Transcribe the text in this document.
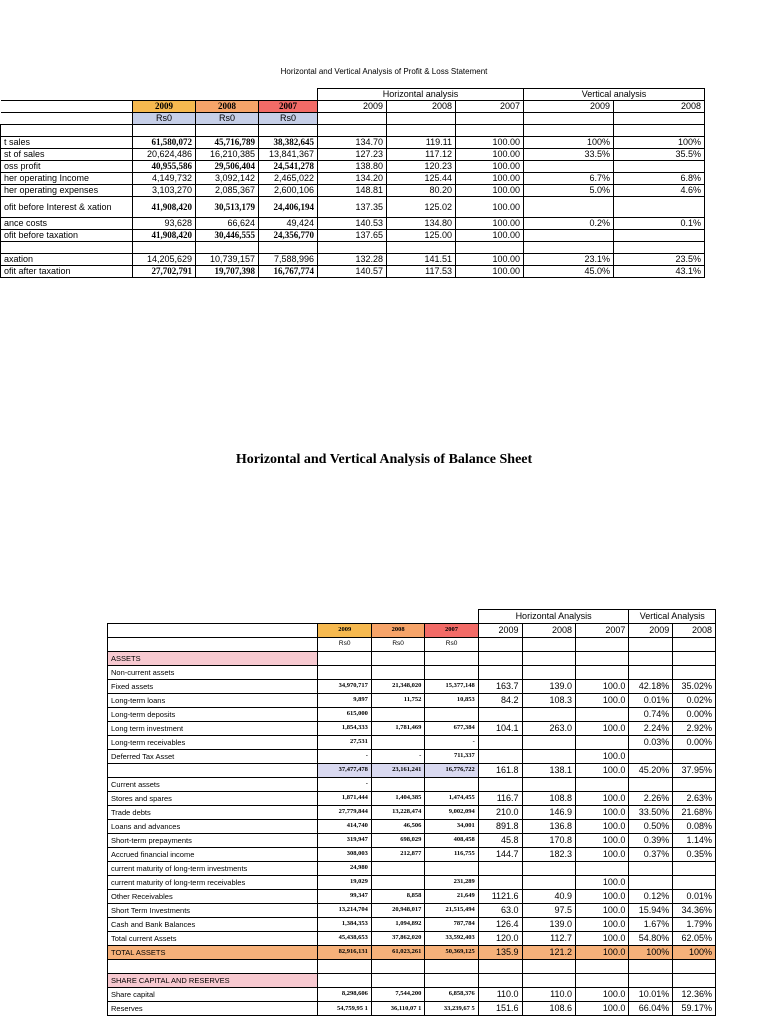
Horizontal and Vertical Analysis of Profit & Loss Statement
				Horizontal analysis			Vertical analysis	
	2009	2008	2007	2009	2008	2007	2009	2008
	Rs0	Rs0	Rs0					

t sales	61,580,072	45,716,789	38,382,645	134.70	119.11	100.00	100%	100%
st of sales	20,624,486	16,210,385	13,841,367	127.23	117.12	100.00	33.5%	35.5%
oss profit	40,955,586	29,506,404	24,541,278	138.80	120.23	100.00		
her operating Income	4,149,732	3,092,142	2,465,022	134.20	125.44	100.00	6.7%	6.8%
her operating expenses	3,103,270	2,085,367	2,600,106	148.81	80.20	100.00	5.0%	4.6%
ofit before Interest & xation	41,908,420	30,513,179	24,406,194	137.35	125.02	100.00		
ance costs	93,628	66,624	49,424	140.53	134.80	100.00	0.2%	0.1%
ofit before taxation	41,908,420	30,446,555	24,356,770	137.65	125.00	100.00		

axation	14,205,629	10,739,157	7,588,996	132.28	141.51	100.00	23.1%	23.5%
ofit after taxation	27,702,791	19,707,398	16,767,774	140.57	117.53	100.00	45.0%	43.1%
Horizontal and Vertical Analysis of Balance Sheet
				Horizontal Analysis			Vertical Analysis	
	2009	2008	2007	2009	2008	2007	2009	2008
	Rs0	Rs0	Rs0					
ASSETS								
Non-current assets								
Fixed assets	34,970,717	21,348,020	15,377,148	163.7	139.0	100.0	42.18%	35.02%
Long-term loans	9,897	11,752	10,853	84.2	108.3	100.0	0.01%	0.02%
Long-term deposits	615,000						0.74%	0.00%
Long term investment	1,854,333	1,781,469	677,384	104.1	263.0	100.0	2.24%	2.92%
Long-term receivables	27,531		-				0.03%	0.00%
Deferred Tax Asset	-	-	711,337			100.0		
	37,477,478	23,161,241	16,776,722	161.8	138.1	100.0	45.20%	37.95%
Current assets	-							
Stores and spares	1,871,444	1,404,385	1,474,455	116.7	108.8	100.0	2.26%	2.63%
Trade debts	27,779,844	13,228,474	9,002,094	210.0	146.9	100.0	33.50%	21.68%
Loans and advances	414,740	46,506	34,001	891.8	136.8	100.0	0.50%	0.08%
Short-term prepayments	319,947	698,029	408,458	45.8	170.8	100.0	0.39%	1.14%
Accrued financial income	308,003	212,877	116,755	144.7	182.3	100.0	0.37%	0.35%
current maturity of long-term investments	24,980							
current maturity of long-term receivables	19,029		231,289			100.0		
Other Receivables	99,347	8,858	21,649	1121.6	40.9	100.0	0.12%	0.01%
Short Term Investments	13,214,704	20,948,017	21,515,494	63.0	97.5	100.0	15.94%	34.36%
Cash and Bank Balances	1,384,353	1,094,892	787,784	126.4	139.0	100.0	1.67%	1.79%
Total current Assets	45,438,653	37,862,020	33,592,403	120.0	112.7	100.0	54.80%	62.05%
TOTAL ASSETS	82,916,131	61,023,261	50,369,125	135.9	121.2	100.0	100%	100%

SHARE CAPITAL AND RESERVES								
Share capital	8,298,606	7,544,200	6,858,376	110.0	110.0	100.0	10.01%	12.36%
Reserves	54,759,95 1	36,110,07 1	33,239,67 5	151.6	108.6	100.0	66.04%	59.17%
